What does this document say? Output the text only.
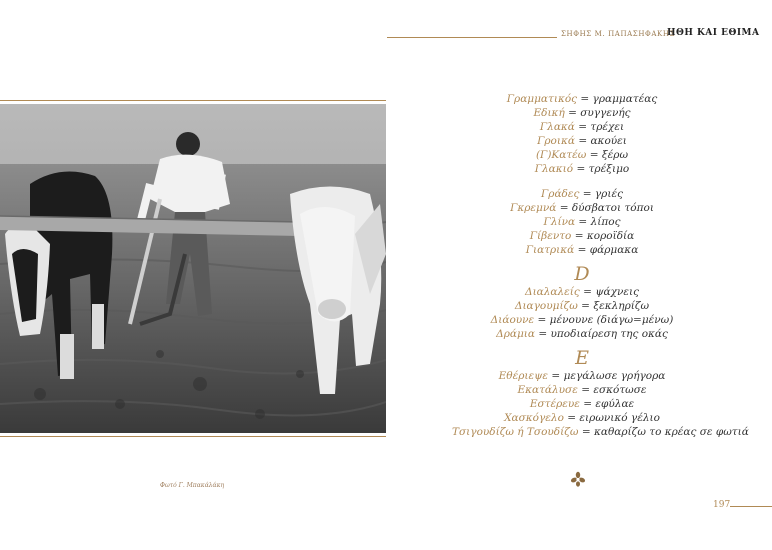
ΣΗΦΗΣ Μ. ΠΑΠΑΣΗΦΑΚΗΣ
ΗΘΗ ΚΑΙ ΕΘΙΜΑ
Φωτό Γ. Μπακάλάκη
Γραμματικός = γραμματέας
Εδική = συγγενής
Γλακά = τρέχει
Γροικά = ακούει
(Γ)Κατέω = ξέρω
Γλακιό = τρέξιμο
Γράδες = γριές
Γκρεμνά = δύσβατοι τόποι
Γλίνα = λίπος
Γίβεντο = κοροϊδία
Γιατρικά = φάρμακα
D
Διαλαλείς = ψάχνεις
Διαγουμίζω = ξεκληρίζω
Διάουνε = μένουνε (διάγω=μένω)
Δράμια = υποδιαίρεση της οκάς
E
Εθέριεψε = μεγάλωσε γρήγορα
Εκατάλυσε = εσκότωσε
Εστέρευε = εφύλαε
Χασκόγελο = ειρωνικό γέλιο
Τσιγουδίζω ή Τσουδίζω = καθαρίζω το κρέας σε φωτιά
197
